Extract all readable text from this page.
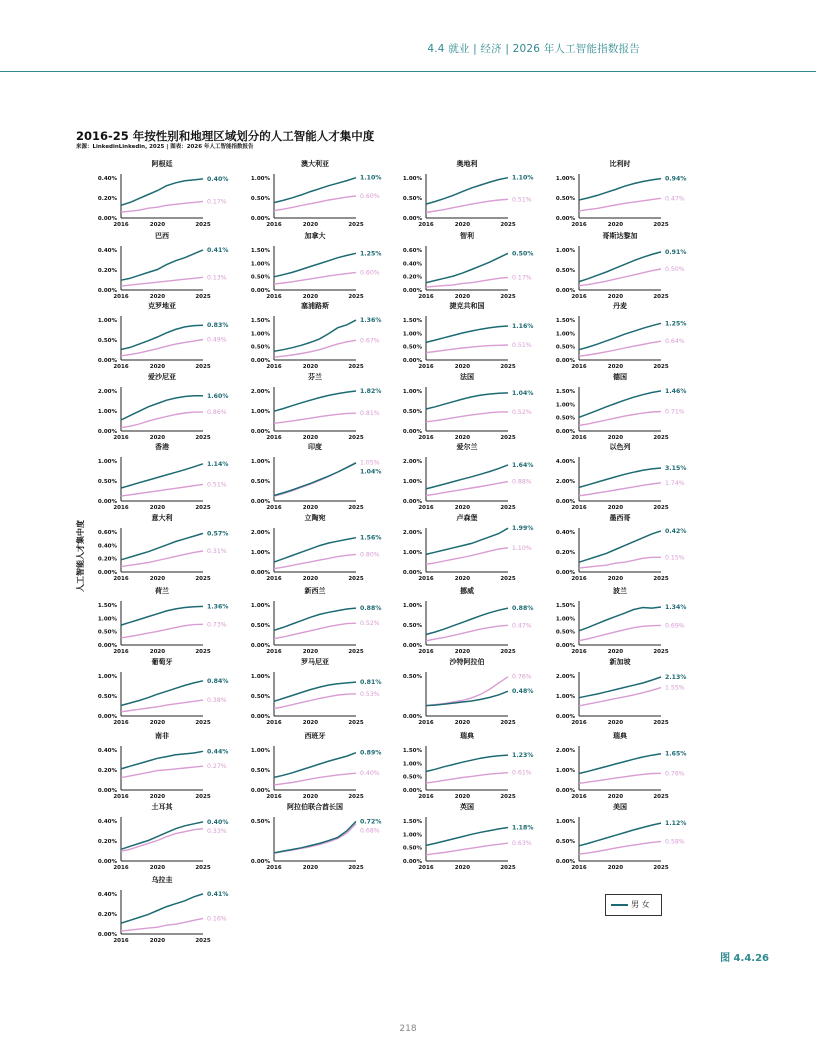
4.4 就业 | 经济 | 2026 年人工智能指数报告
2016-25 年按性别和地理区域划分的人工智能人才集中度
来源：LinkedinLinkedin, 2025 | 图表：2026 年人工智能指数报告
人工智能人才集中度
阿根廷
0.40%
0.20%
0.00%
2016	2020	2025
0.40%
0.17%
澳大利亚
1.00%
0.50%
0.00%
2016	2020	2025
1.10%
0.60%
奥地利
1.00%
0.50%
0.00%
2016	2020	2025
1.10%
0.51%
比利时
1.00%
0.50%
0.00%
2016	2020	2025
0.94%
0.47%
巴西
0.40%
0.20%
0.00%
2016	2020	2025
0.41%
0.13%
加拿大
1.50%
1.00%
0.50%
0.00%
2016	2020	2025
1.25%
0.60%
智利
0.60%
0.40%
0.20%
0.00%
2016	2020	2025
0.50%
0.17%
哥斯达黎加
1.00%
0.50%
0.00%
2016	2020	2025
0.91%
0.50%
克罗地亚
1.00%
0.50%
0.00%
2016	2020	2025
0.83%
0.49%
塞浦路斯
1.50%
1.00%
0.50%
0.00%
2016	2020	2025
1.36%
0.67%
捷克共和国
1.50%
1.00%
0.50%
0.00%
2016	2020	2025
1.16%
0.51%
丹麦
1.50%
1.00%
0.50%
0.00%
2016	2020	2025
1.25%
0.64%
爱沙尼亚
2.00%
1.00%
0.00%
2016	2020	2025
1.60%
0.86%
芬兰
2.00%
1.00%
0.00%
2016	2020	2025
1.82%
0.81%
法国
1.00%
0.50%
0.00%
2016	2020	2025
1.04%
0.52%
德国
1.50%
1.00%
0.50%
0.00%
2016	2020	2025
1.46%
0.71%
香港
1.00%
0.50%
0.00%
2016	2020	2025
1.14%
0.51%
印度
1.00%
0.50%
0.00%
2016	2020	2025
1.04%
1.05%
爱尔兰
2.00%
1.00%
0.00%
2016	2020	2025
1.64%
0.88%
以色列
4.00%
2.00%
0.00%
2016	2020	2025
3.15%
1.74%
意大利
0.60%
0.40%
0.20%
0.00%
2016	2020	2025
0.57%
0.31%
立陶宛
2.00%
1.00%
0.00%
2016	2020	2025
1.56%
0.80%
卢森堡
2.00%
1.00%
0.00%
2016	2020	2025
1.99%
1.10%
墨西哥
0.40%
0.20%
0.00%
2016	2020	2025
0.42%
0.15%
荷兰
1.50%
1.00%
0.50%
0.00%
2016	2020	2025
1.36%
0.73%
新西兰
1.00%
0.50%
0.00%
2016	2020	2025
0.88%
0.52%
挪威
1.00%
0.50%
0.00%
2016	2020	2025
0.88%
0.47%
波兰
1.50%
1.00%
0.50%
0.00%
2016	2020	2025
1.34%
0.69%
葡萄牙
1.00%
0.50%
0.00%
2016	2020	2025
0.84%
0.38%
罗马尼亚
1.00%
0.50%
0.00%
2016	2020	2025
0.81%
0.53%
沙特阿拉伯
0.50%
0.00%
2016	2020	2025
0.48%
0.76%
新加坡
2.00%
1.00%
0.00%
2016	2020	2025
2.13%
1.55%
南非
0.40%
0.20%
0.00%
2016	2020	2025
0.44%
0.27%
西班牙
1.00%
0.50%
0.00%
2016	2020	2025
0.89%
0.40%
瑞典
1.50%
1.00%
0.50%
0.00%
2016	2020	2025
1.23%
0.61%
瑞典
2.00%
1.00%
0.00%
2016	2020	2025
1.65%
0.76%
土耳其
0.40%
0.20%
0.00%
2016	2020	2025
0.40%
0.33%
阿拉伯联合酋长国
0.50%
0.00%
2016	2020	2025
0.72%
0.68%
英国
1.50%
1.00%
0.50%
0.00%
2016	2020	2025
1.18%
0.63%
美国
1.00%
0.50%
0.00%
2016	2020	2025
1.12%
0.58%
乌拉圭
0.40%
0.20%
0.00%
2016	2020	2025
0.41%
0.16%
男 女
图 4.4.26
218
